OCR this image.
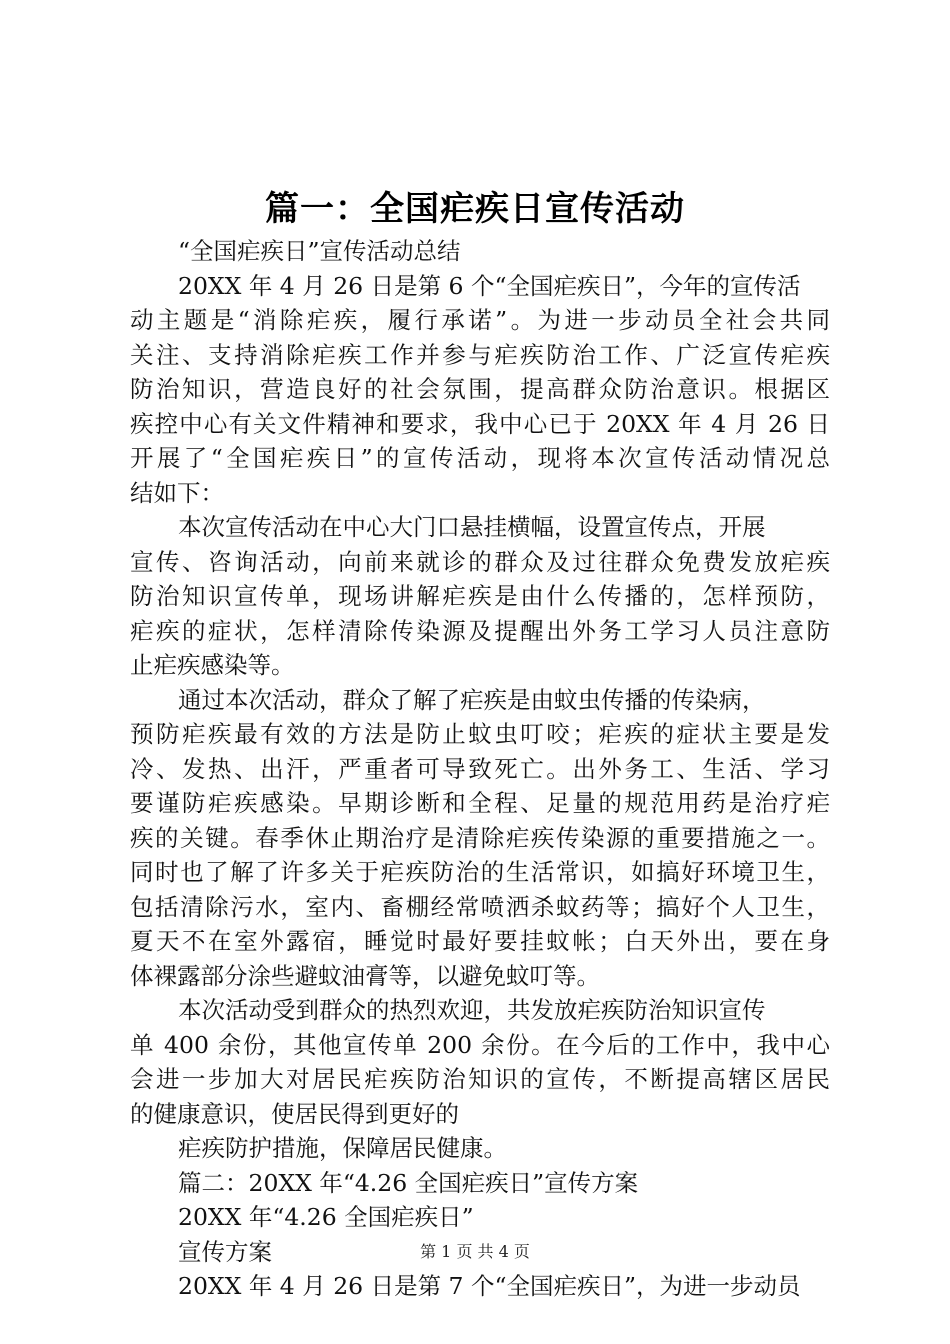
篇一：全国疟疾日宣传活动
“全国疟疾日”宣传活动总结
20XX 年 4 月 26 日是第 6 个“全国疟疾日”，今年的宣传活
动主题是“消除疟疾，履行承诺”。为进一步动员全社会共同
关注、支持消除疟疾工作并参与疟疾防治工作、广泛宣传疟疾
防治知识，营造良好的社会氛围，提高群众防治意识。根据区
疾控中心有关文件精神和要求，我中心已于 20XX 年 4 月 26 日
开展了“全国疟疾日”的宣传活动，现将本次宣传活动情况总
结如下：
本次宣传活动在中心大门口悬挂横幅，设置宣传点，开展
宣传、咨询活动，向前来就诊的群众及过往群众免费发放疟疾
防治知识宣传单，现场讲解疟疾是由什么传播的，怎样预防，
疟疾的症状，怎样清除传染源及提醒出外务工学习人员注意防
止疟疾感染等。
通过本次活动，群众了解了疟疾是由蚊虫传播的传染病，
预防疟疾最有效的方法是防止蚊虫叮咬；疟疾的症状主要是发
冷、发热、出汗，严重者可导致死亡。出外务工、生活、学习
要谨防疟疾感染。早期诊断和全程、足量的规范用药是治疗疟
疾的关键。春季休止期治疗是清除疟疾传染源的重要措施之一。
同时也了解了许多关于疟疾防治的生活常识，如搞好环境卫生，
包括清除污水，室内、畜棚经常喷洒杀蚊药等；搞好个人卫生，
夏天不在室外露宿，睡觉时最好要挂蚊帐；白天外出，要在身
体裸露部分涂些避蚊油膏等，以避免蚊叮等。
本次活动受到群众的热烈欢迎，共发放疟疾防治知识宣传
单 400 余份，其他宣传单 200 余份。在今后的工作中，我中心
会进一步加大对居民疟疾防治知识的宣传，不断提高辖区居民
的健康意识，使居民得到更好的
疟疾防护措施，保障居民健康。
篇二：20XX 年“4.26 全国疟疾日”宣传方案
20XX 年“4.26 全国疟疾日”
宣传方案
20XX 年 4 月 26 日是第 7 个“全国疟疾日”，为进一步动员
第 1 页 共 4 页
